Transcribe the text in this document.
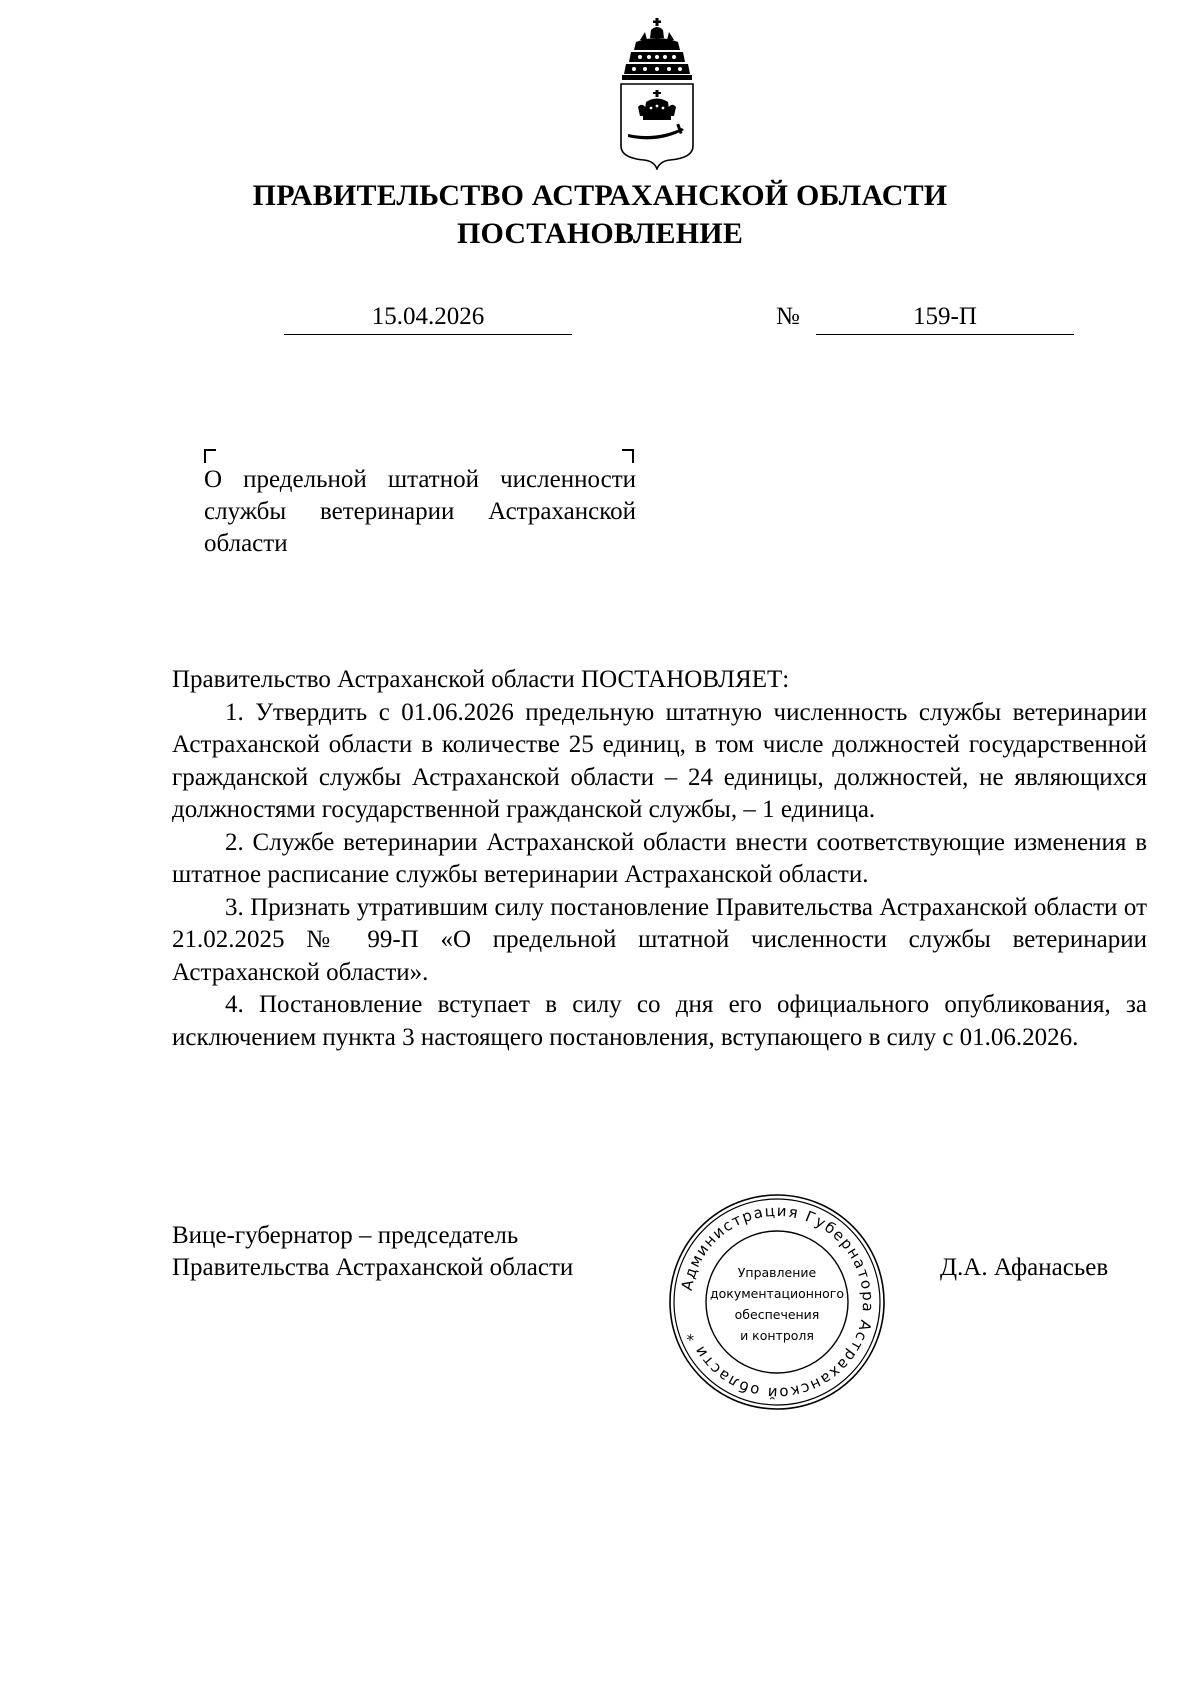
ПРАВИТЕЛЬСТВО АСТРАХАНСКОЙ ОБЛАСТИ
ПОСТАНОВЛЕНИЕ
15.04.2026	№	159-П
О предельной штатной численности службы ветеринарии Астраханской области

Правительство Астраханской области ПОСТАНОВЛЯЕТ:

1. Утвердить с 01.06.2026 предельную штатную численность службы ветеринарии Астраханской области в количестве 25 единиц, в том числе должностей государственной гражданской службы Астраханской области – 24 единицы, должностей, не являющихся должностями государственной гражданской службы, – 1 единица.

2. Службе ветеринарии Астраханской области внести соответствующие изменения в штатное расписание службы ветеринарии Астраханской области.

3. Признать утратившим силу постановление Правительства Астраханской области от 21.02.2025 № 99-П «О предельной штатной численности службы ветеринарии Астраханской области».

4. Постановление вступает в силу со дня его официального опубликования, за исключением пункта 3 настоящего постановления, вступающего в силу с 01.06.2026.

Вице-губернатор – председатель
Правительства Астраханской области	Д.А. Афанасьев
Администрация Губернатора Астраханской области *
Управление
документационного
обеспечения
и контроля
